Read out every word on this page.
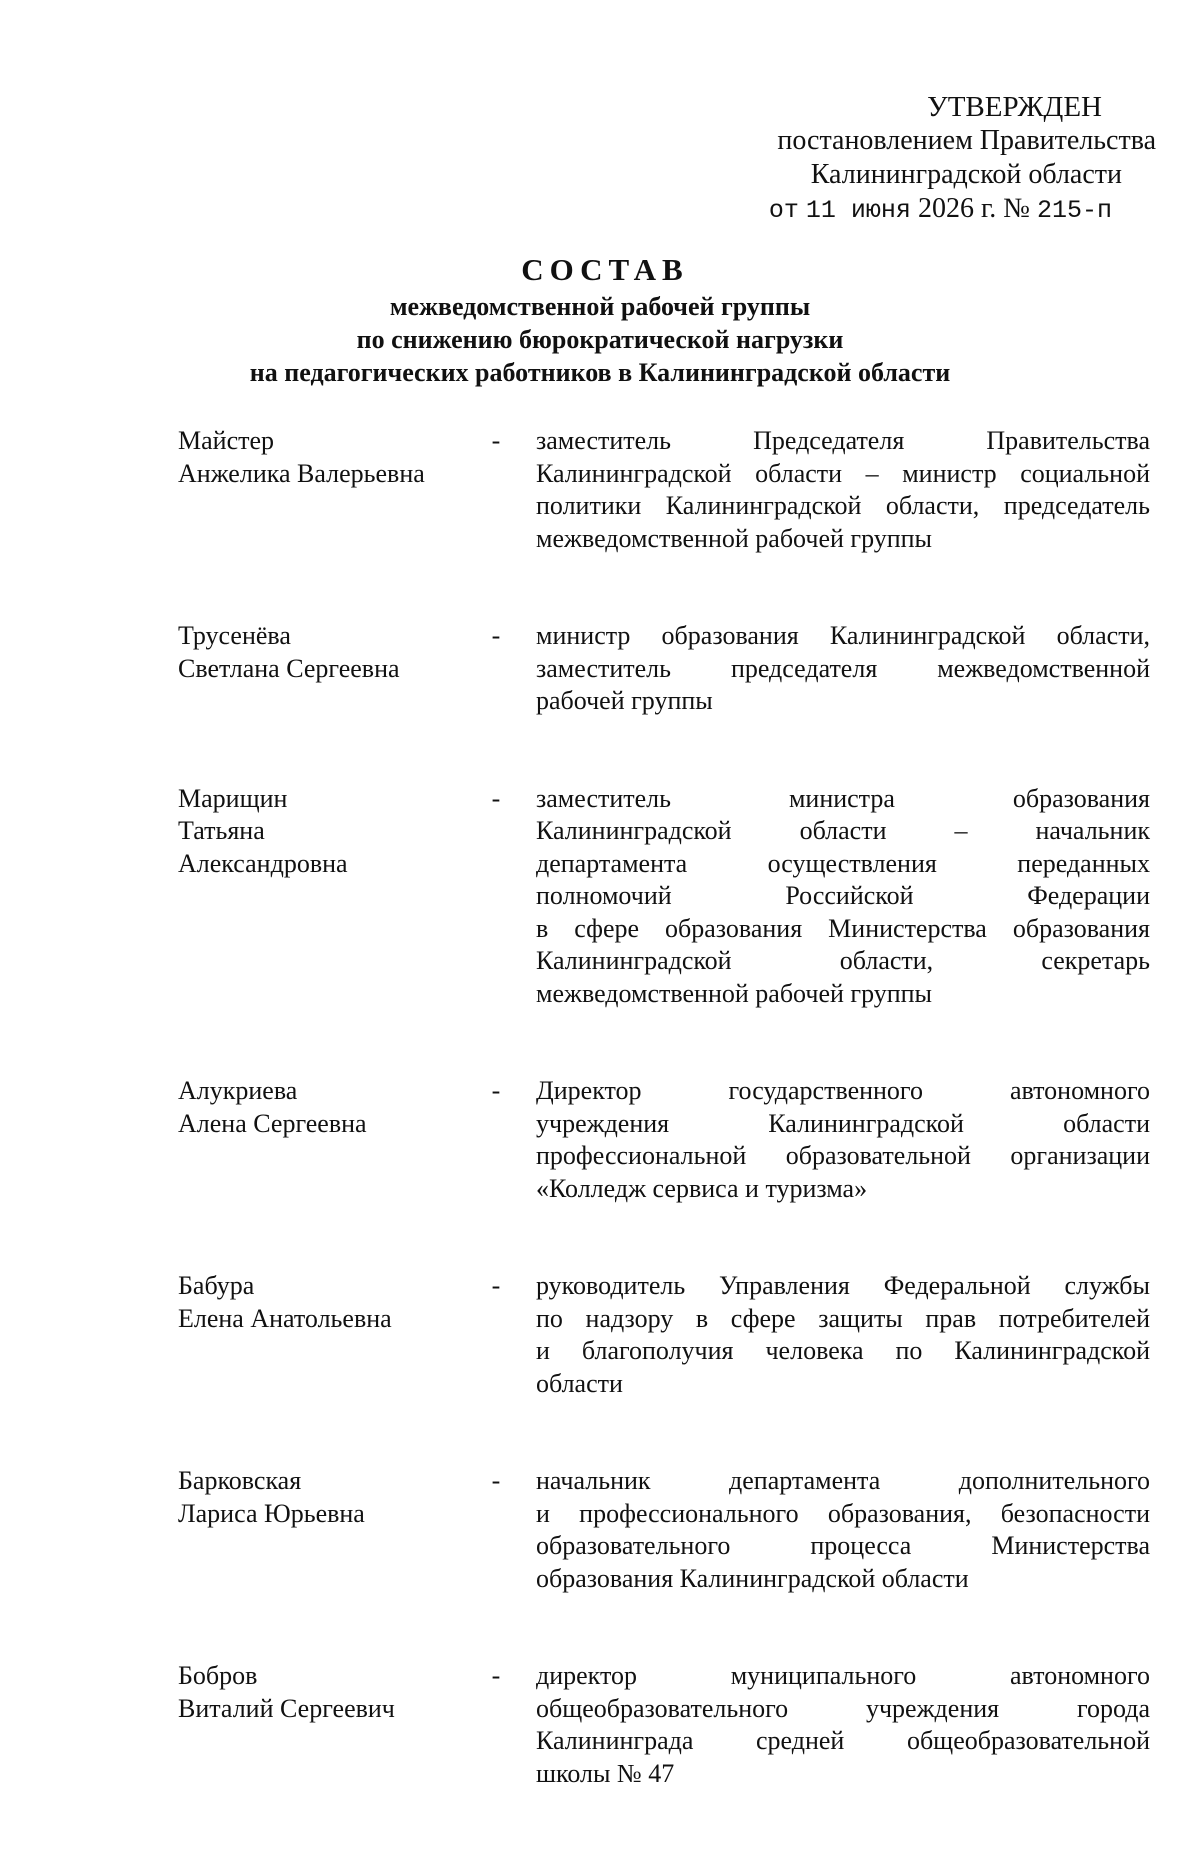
УТВЕРЖДЕН
постановлением Правительства
Калининградской области
от 11 июня 2026 г. № 215-п
СОСТАВ
межведомственной рабочей группы
по снижению бюрократической нагрузки
на педагогических работников в Калининградской области
Майстер
Анжелика Валерьевна
- заместитель Председателя Правительства
Калининградской области – министр социальной
политики Калининградской области, председатель
межведомственной рабочей группы
Трусенёва
Светлана Сергеевна
- министр образования Калининградской области,
заместитель председателя межведомственной
рабочей группы
Марищин
Татьяна
Александровна
- заместитель министра образования
Калининградской области – начальник
департамента осуществления переданных
полномочий Российской Федерации
в сфере образования Министерства образования
Калининградской области, секретарь
межведомственной рабочей группы
Алукриева
Алена Сергеевна
- Директор государственного автономного
учреждения Калининградской области
профессиональной образовательной организации
«Колледж сервиса и туризма»
Бабура
Елена Анатольевна
- руководитель Управления Федеральной службы
по надзору в сфере защиты прав потребителей
и благополучия человека по Калининградской
области
Барковская
Лариса Юрьевна
- начальник департамента дополнительного
и профессионального образования, безопасности
образовательного процесса Министерства
образования Калининградской области
Бобров
Виталий Сергеевич
- директор муниципального автономного
общеобразовательного учреждения города
Калининграда средней общеобразовательной
школы № 47
